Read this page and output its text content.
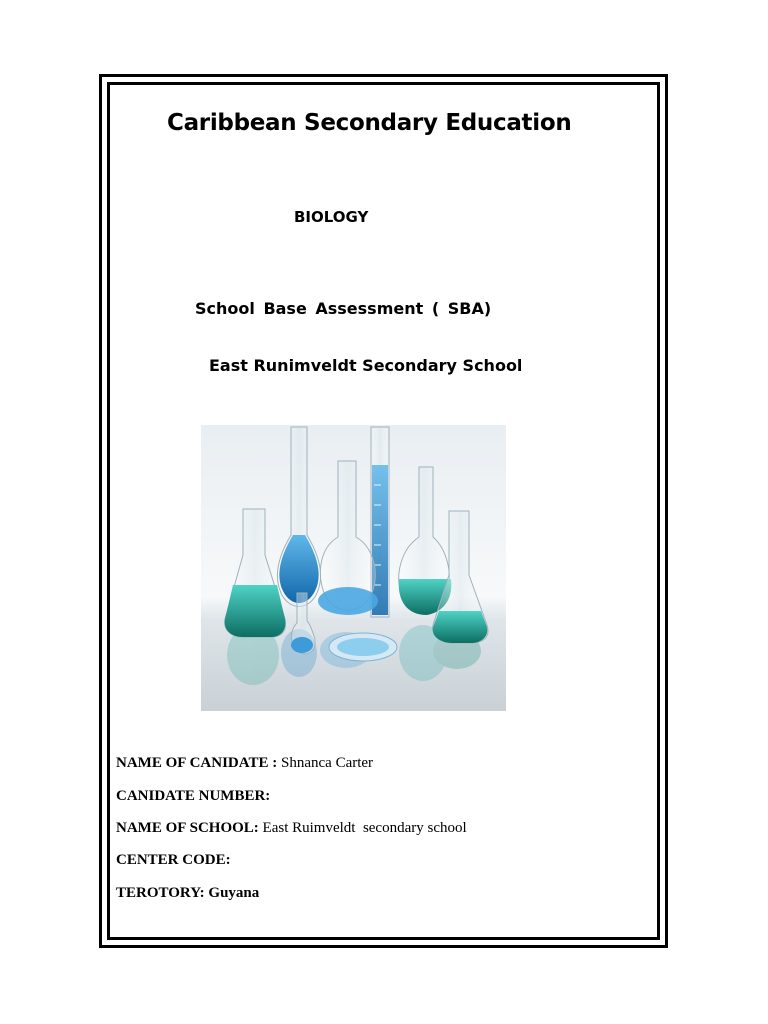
Caribbean Secondary Education
BIOLOGY
School Base Assessment ( SBA)
East Runimveldt Secondary School
NAME OF CANIDATE : Shnanca Carter
CANIDATE NUMBER:
NAME OF SCHOOL: East Ruimveldt  secondary school
CENTER CODE:
TEROTORY: Guyana
